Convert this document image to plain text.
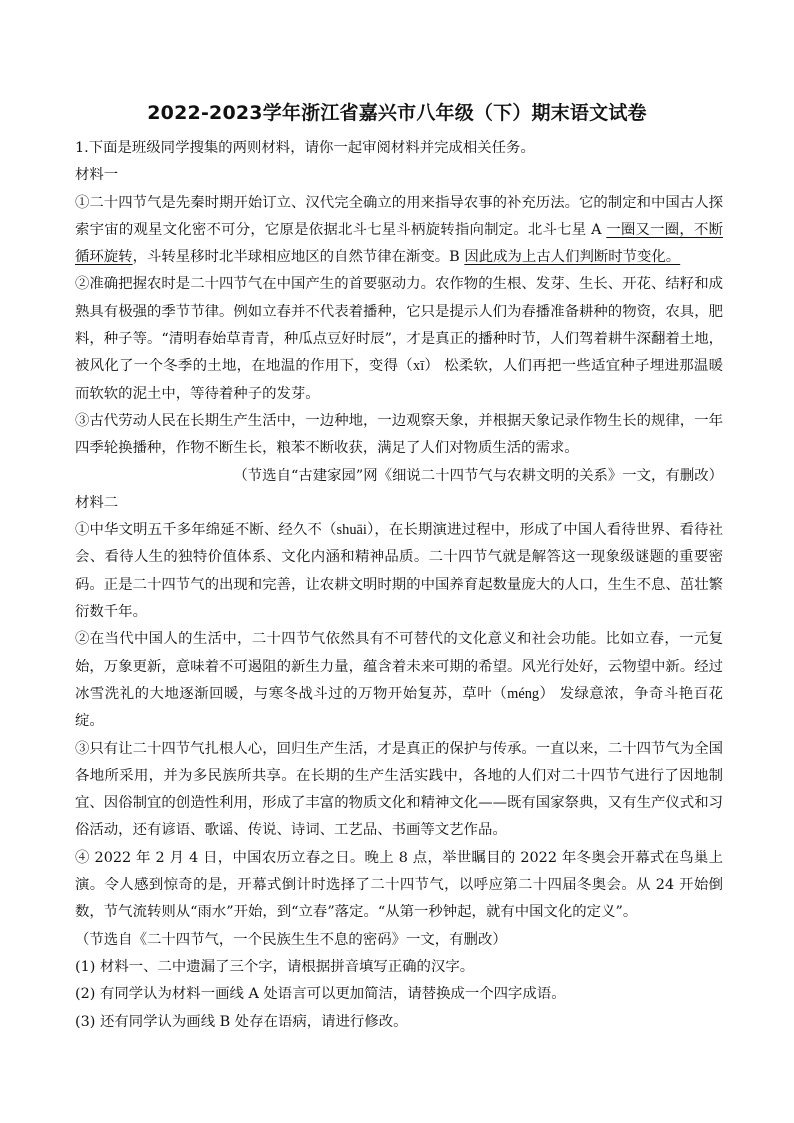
2022-2023学年浙江省嘉兴市八年级（下）期末语文试卷

1.下面是班级同学搜集的两则材料，请你一起审阅材料并完成相关任务。

材料一

①二十四节气是先秦时期开始订立、汉代完全确立的用来指导农事的补充历法。它的制定和中国古人探索宇宙的观星文化密不可分，它原是依据北斗七星斗柄旋转指向制定。北斗七星 A 一圈又一圈，不断循环旋转，斗转星移时北半球相应地区的自然节律在渐变。B 因此成为上古人们判断时节变化。

②准确把握农时是二十四节气在中国产生的首要驱动力。农作物的生根、发芽、生长、开花、结籽和成熟具有极强的季节节律。例如立春并不代表着播种，它只是提示人们为春播准备耕种的物资，农具，肥料，种子等。“清明春始草青青，种瓜点豆好时辰”，才是真正的播种时节，人们驾着耕牛深翻着土地，被风化了一个冬季的土地，在地温的作用下，变得（xī） 松柔软，人们再把一些适宜种子埋进那温暖而软软的泥土中，等待着种子的发芽。

③古代劳动人民在长期生产生活中，一边种地，一边观察天象，并根据天象记录作物生长的规律，一年四季轮换播种，作物不断生长，粮苯不断收获，满足了人们对物质生活的需求。

（节选自“古建家园”网《细说二十四节气与农耕文明的关系》一文，有删改）

材料二

①中华文明五千多年绵延不断、经久不（shuāi），在长期演进过程中，形成了中国人看待世界、看待社会、看待人生的独特价值体系、文化内涵和精神品质。二十四节气就是解答这一现象级谜题的重要密码。正是二十四节气的出现和完善，让农耕文明时期的中国养育起数量庞大的人口，生生不息、茁壮繁衍数千年。

②在当代中国人的生活中，二十四节气依然具有不可替代的文化意义和社会功能。比如立春，一元复始，万象更新，意味着不可遏阻的新生力量，蕴含着未来可期的希望。风光行处好，云物望中新。经过冰雪洗礼的大地逐渐回暖，与寒冬战斗过的万物开始复苏，草叶（méng） 发绿意浓，争奇斗艳百花绽。

③只有让二十四节气扎根人心，回归生产生活，才是真正的保护与传承。一直以来，二十四节气为全国各地所采用，并为多民族所共享。在长期的生产生活实践中，各地的人们对二十四节气进行了因地制宜、因俗制宜的创造性利用，形成了丰富的物质文化和精神文化——既有国家祭典，又有生产仪式和习俗活动，还有谚语、歌谣、传说、诗词、工艺品、书画等文艺作品。

④ 2022 年 2 月 4 日，中国农历立春之日。晚上 8 点，举世瞩目的 2022 年冬奥会开幕式在鸟巢上演。令人感到惊奇的是，开幕式倒计时选择了二十四节气，以呼应第二十四届冬奥会。从 24 开始倒数，节气流转则从“雨水”开始，到“立春”落定。“从第一秒钟起，就有中国文化的定义”。

（节选自《二十四节气，一个民族生生不息的密码》一文，有删改）

(1) 材料一、二中遗漏了三个字，请根据拼音填写正确的汉字。

(2) 有同学认为材料一画线 A 处语言可以更加简洁，请替换成一个四字成语。

(3) 还有同学认为画线 B 处存在语病，请进行修改。
